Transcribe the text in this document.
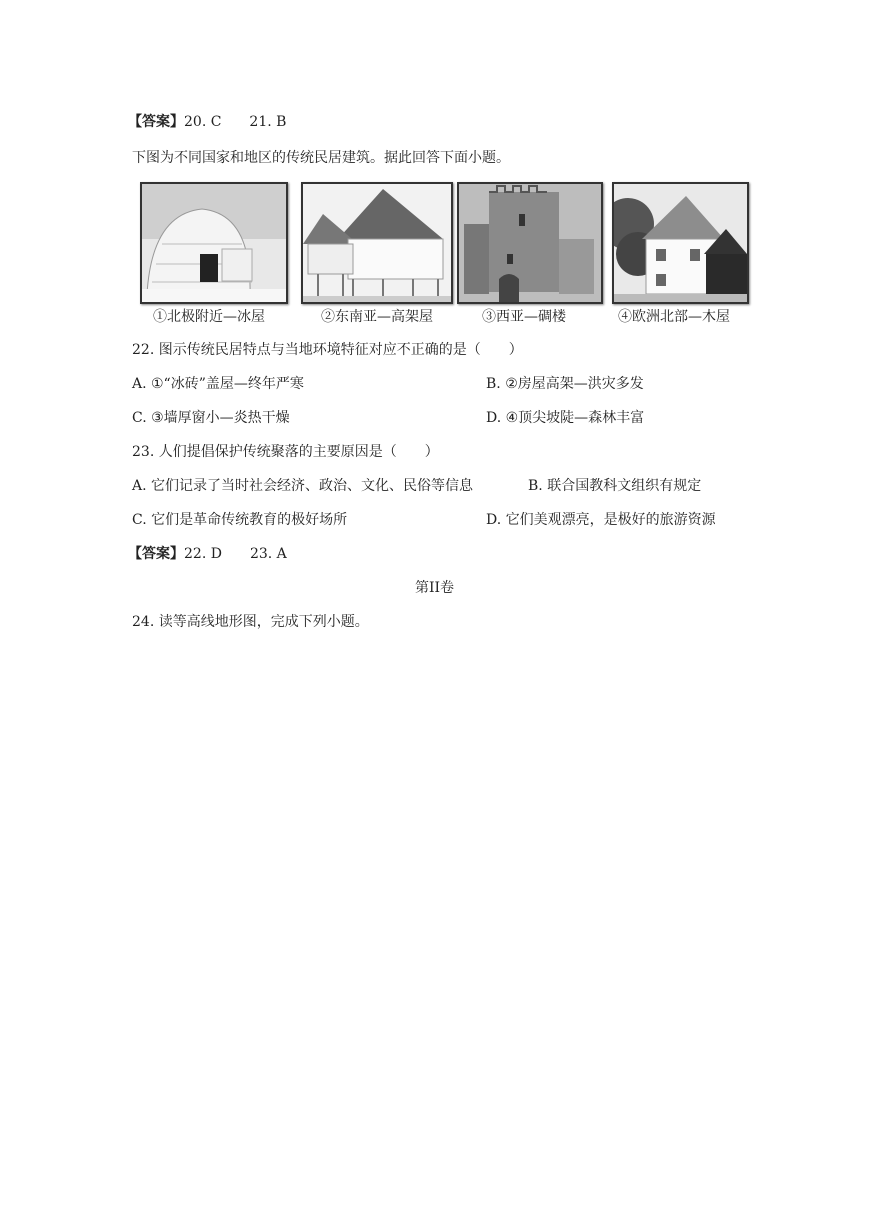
【答案】20. C　　21. B
下图为不同国家和地区的传统民居建筑。据此回答下面小题。
①北极附近—冰屋	②东南亚—高架屋	③西亚—碉楼	④欧洲北部—木屋
22. 图示传统民居特点与当地环境特征对应不正确的是（　　）
A. ①“冰砖”盖屋—终年严寒	B. ②房屋高架—洪灾多发
C. ③墙厚窗小—炎热干燥	D. ④顶尖坡陡—森林丰富
23. 人们提倡保护传统聚落的主要原因是（　　）
A. 它们记录了当时社会经济、政治、文化、民俗等信息	B. 联合国教科文组织有规定
C. 它们是革命传统教育的极好场所	D. 它们美观漂亮，是极好的旅游资源
【答案】22. D　　23. A
第II卷
24. 读等高线地形图，完成下列小题。
